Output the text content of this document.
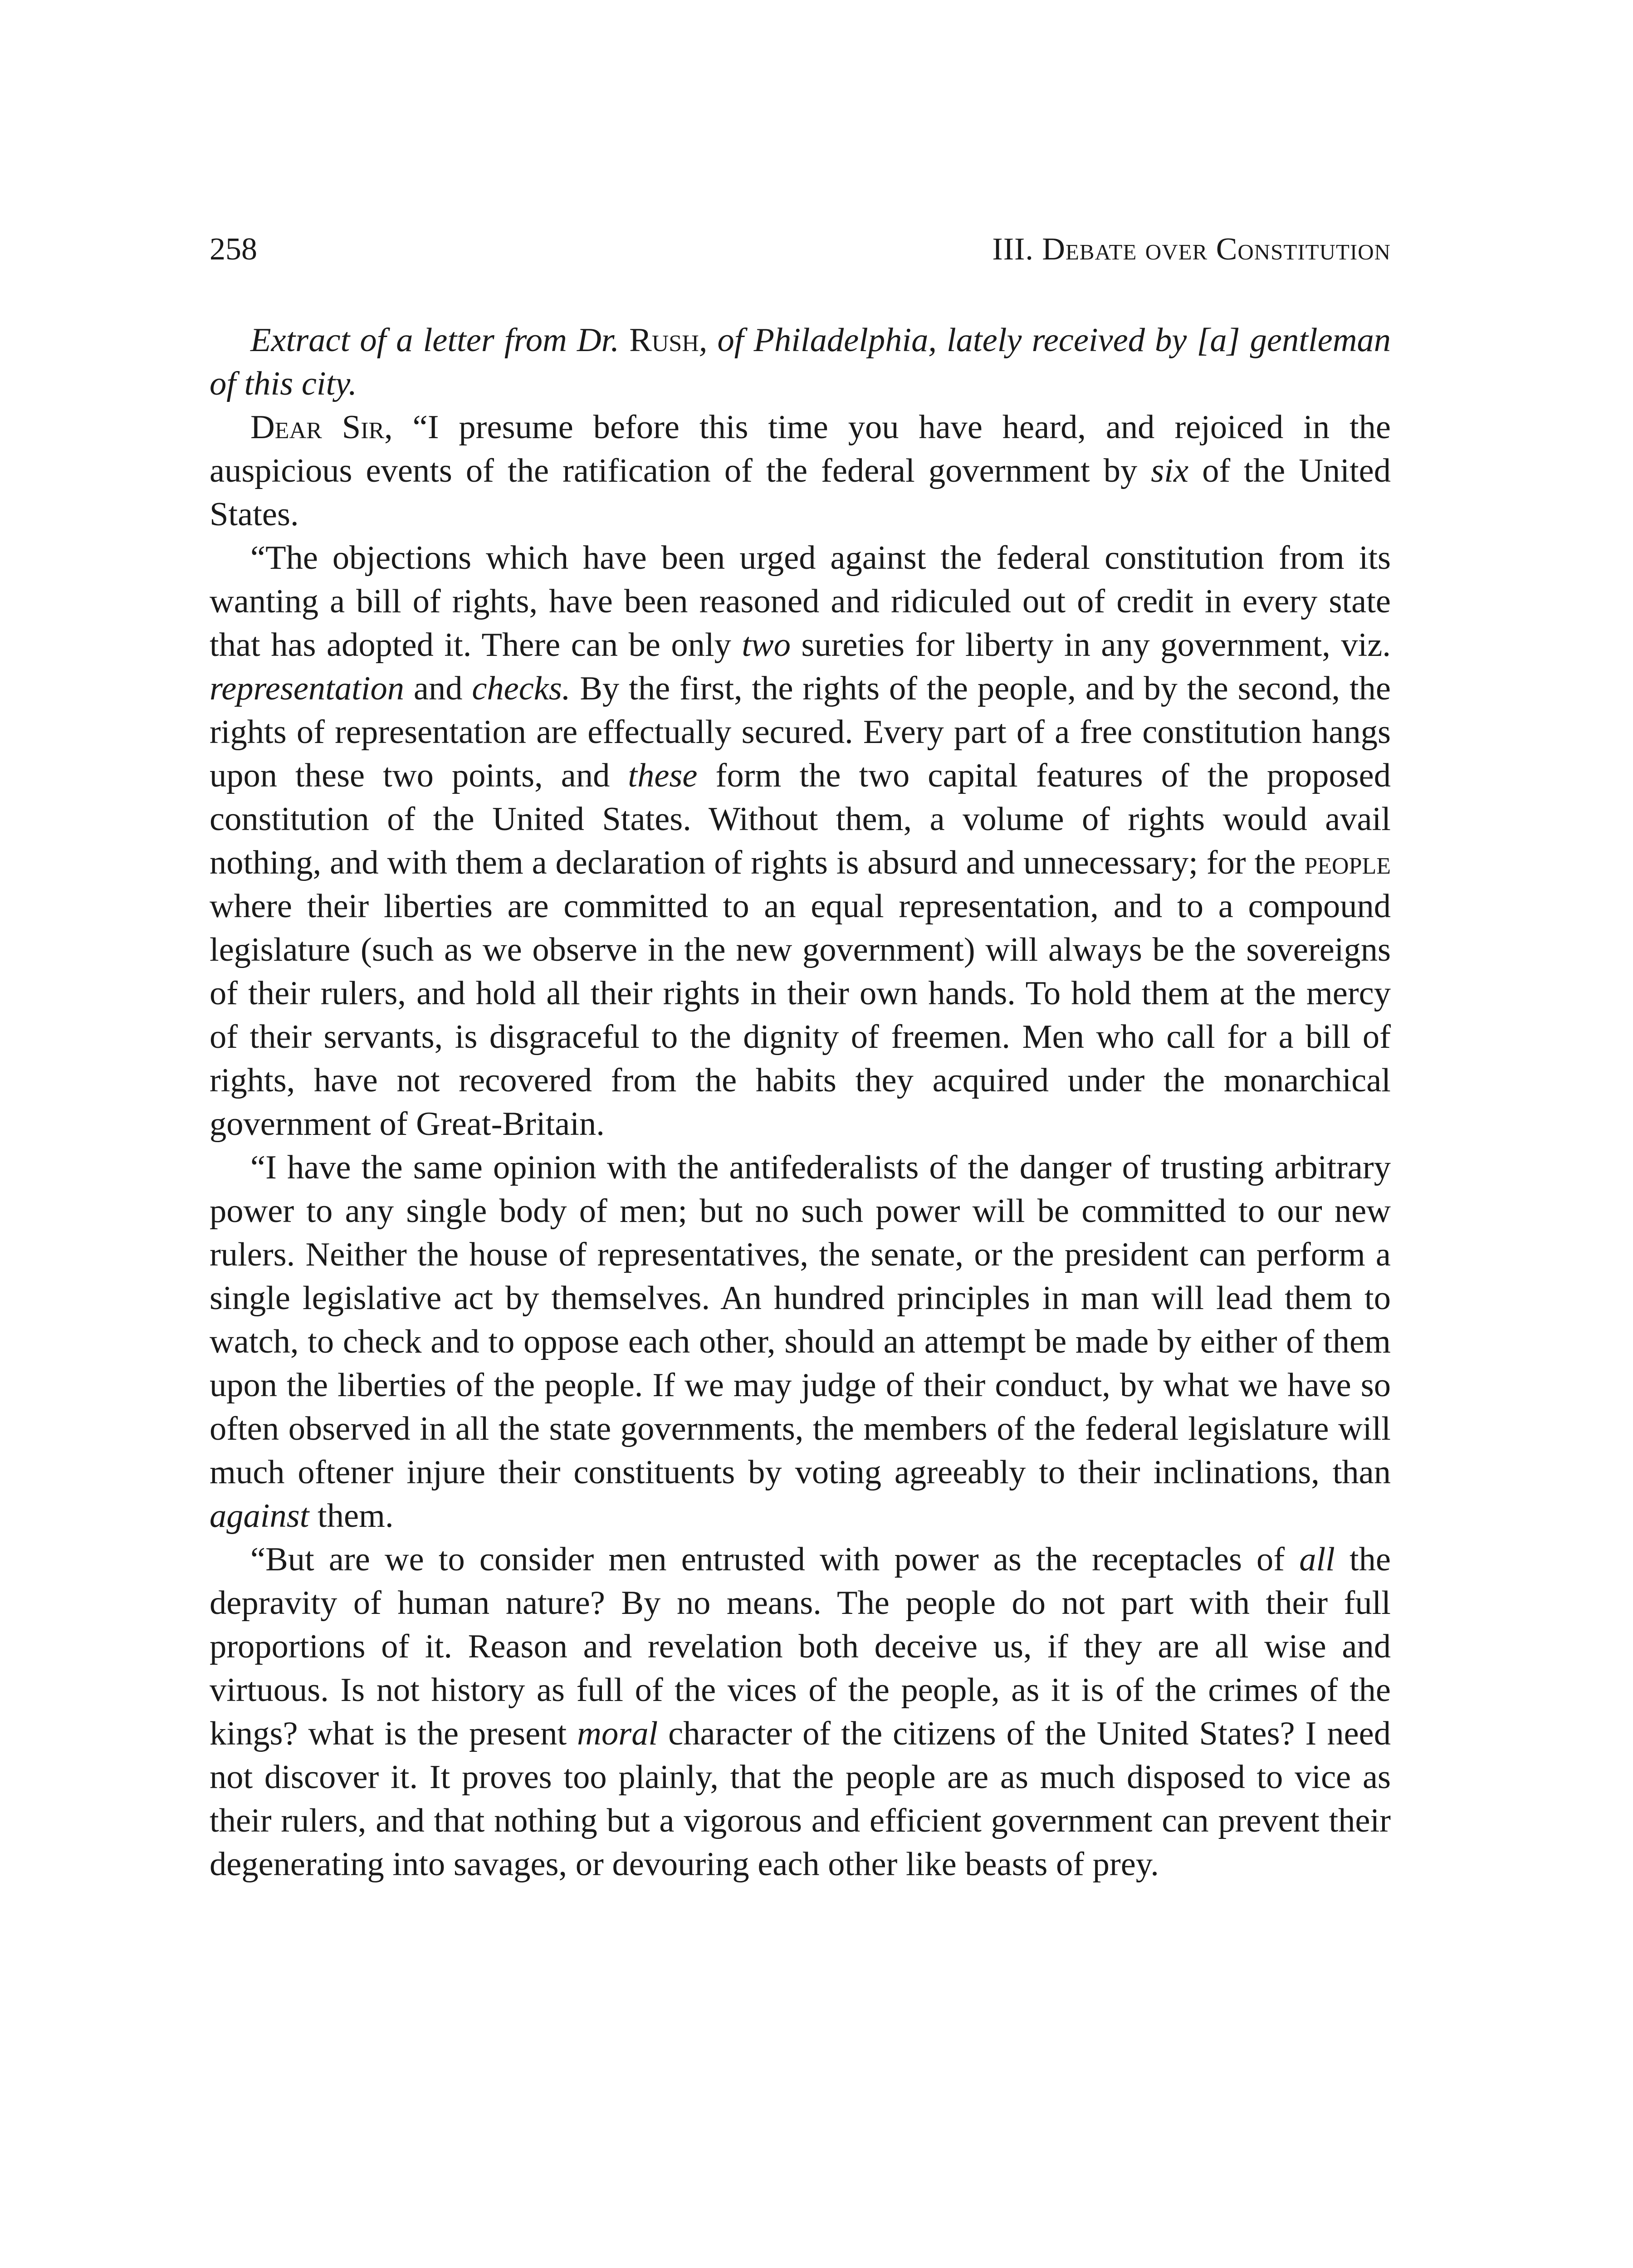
258	III. Debate over Constitution

Extract of a letter from Dr. Rush, of Philadelphia, lately received by [a] gentleman of this city.

Dear Sir, “I presume before this time you have heard, and rejoiced in the auspicious events of the ratification of the federal government by six of the United States.

“The objections which have been urged against the federal constitution from its wanting a bill of rights, have been reasoned and ridiculed out of credit in every state that has adopted it. There can be only two sureties for liberty in any government, viz. representation and checks. By the first, the rights of the people, and by the second, the rights of representation are effectually secured. Every part of a free constitution hangs upon these two points, and these form the two capital features of the proposed constitution of the United States. Without them, a volume of rights would avail nothing, and with them a declaration of rights is absurd and unnecessary; for the people where their liberties are committed to an equal representation, and to a compound legislature (such as we observe in the new government) will always be the sovereigns of their rulers, and hold all their rights in their own hands. To hold them at the mercy of their servants, is disgraceful to the dignity of freemen. Men who call for a bill of rights, have not recovered from the habits they acquired under the monarchical government of Great-Britain.

“I have the same opinion with the antifederalists of the danger of trusting arbitrary power to any single body of men; but no such power will be committed to our new rulers. Neither the house of representatives, the senate, or the president can perform a single legislative act by themselves. An hundred principles in man will lead them to watch, to check and to oppose each other, should an attempt be made by either of them upon the liberties of the people. If we may judge of their conduct, by what we have so often observed in all the state governments, the members of the federal legislature will much oftener injure their constituents by voting agreeably to their inclinations, than against them.

“But are we to consider men entrusted with power as the receptacles of all the depravity of human nature? By no means. The people do not part with their full proportions of it. Reason and revelation both deceive us, if they are all wise and virtuous. Is not history as full of the vices of the people, as it is of the crimes of the kings? what is the present moral character of the citizens of the United States? I need not discover it. It proves too plainly, that the people are as much disposed to vice as their rulers, and that nothing but a vigorous and efficient government can prevent their degenerating into savages, or devouring each other like beasts of prey.
